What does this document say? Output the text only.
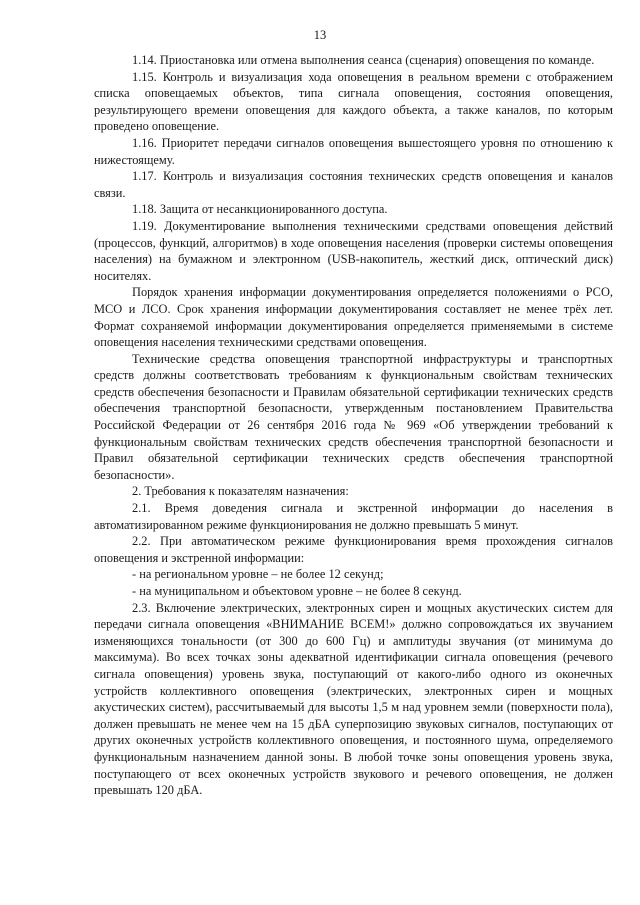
13

1.14. Приостановка или отмена выполнения сеанса (сценария) оповещения по команде.

1.15. Контроль и визуализация хода оповещения в реальном времени с отображением списка оповещаемых объектов, типа сигнала оповещения, состояния оповещения, результирующего времени оповещения для каждого объекта, а также каналов, по которым проведено оповещение.

1.16. Приоритет передачи сигналов оповещения вышестоящего уровня по отношению к нижестоящему.

1.17. Контроль и визуализация состояния технических средств оповещения и каналов связи.

1.18. Защита от несанкционированного доступа.

1.19. Документирование выполнения техническими средствами оповещения действий (процессов, функций, алгоритмов) в ходе оповещения населения (проверки системы оповещения населения) на бумажном и электронном (USB-накопитель, жесткий диск, оптический диск) носителях.

Порядок хранения информации документирования определяется положениями о РСО, МСО и ЛСО. Срок хранения информации документирования составляет не менее трёх лет. Формат сохраняемой информации документирования определяется применяемыми в системе оповещения населения техническими средствами оповещения.

Технические средства оповещения транспортной инфраструктуры и транспортных средств должны соответствовать требованиям к функциональным свойствам технических средств обеспечения безопасности и Правилам обязательной сертификации технических средств обеспечения транспортной безопасности, утвержденным постановлением Правительства Российской Федерации от 26 сентября 2016 года № 969 «Об утверждении требований к функциональным свойствам технических средств обеспечения транспортной безопасности и Правил обязательной сертификации технических средств обеспечения транспортной безопасности».

2. Требования к показателям назначения:

2.1. Время доведения сигнала и экстренной информации до населения в автоматизированном режиме функционирования не должно превышать 5 минут.

2.2. При автоматическом режиме функционирования время прохождения сигналов оповещения и экстренной информации:

- на региональном уровне – не более 12 секунд;

- на муниципальном и объектовом уровне – не более 8 секунд.

2.3. Включение электрических, электронных сирен и мощных акустических систем для передачи сигнала оповещения «ВНИМАНИЕ ВСЕМ!» должно сопровождаться их звучанием изменяющихся тональности (от 300 до 600 Гц) и амплитуды звучания (от минимума до максимума). Во всех точках зоны адекватной идентификации сигнала оповещения (речевого сигнала оповещения) уровень звука, поступающий от какого-либо одного из оконечных устройств коллективного оповещения (электрических, электронных сирен и мощных акустических систем), рассчитываемый для высоты 1,5 м над уровнем земли (поверхности пола), должен превышать не менее чем на 15 дБА суперпозицию звуковых сигналов, поступающих от других оконечных устройств коллективного оповещения, и постоянного шума, определяемого функциональным назначением данной зоны. В любой точке зоны оповещения уровень звука, поступающего от всех оконечных устройств звукового и речевого оповещения, не должен превышать 120 дБА.
